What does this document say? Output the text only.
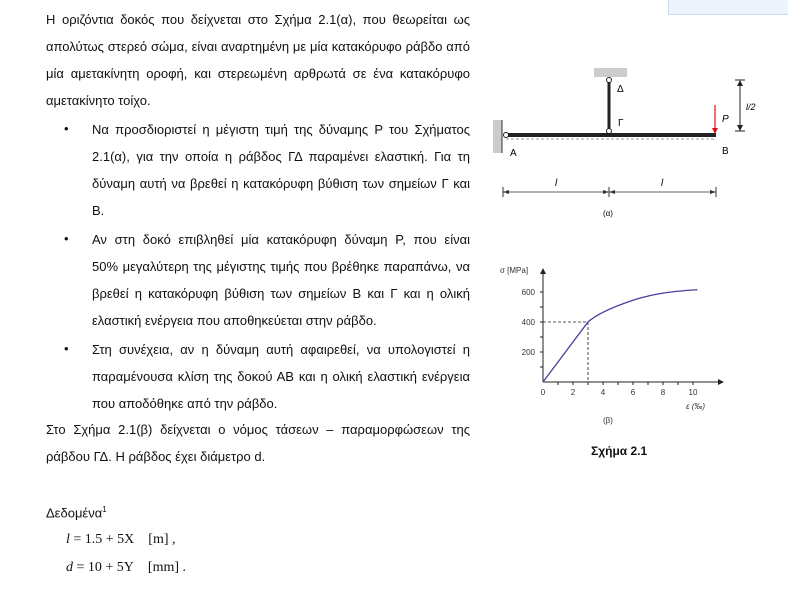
Η οριζόντια δοκός που δείχνεται στο Σχήμα 2.1(α), που θεωρείται ως
απολύτως στερεό σώμα, είναι αναρτημένη με μία κατακόρυφο ράβδο από
μία αμετακίνητη οροφή, και στερεωμένη αρθρωτά σε ένα κατακόρυφο
αμετακίνητο τοίχο.
• Να προσδιοριστεί η μέγιστη τιμή της δύναμης P του Σχήματος
2.1(α), για την οποία η ράβδος ΓΔ παραμένει ελαστική. Για τη
δύναμη αυτή να βρεθεί η κατακόρυφη βύθιση των σημείων Γ και
Β.
• Αν στη δοκό επιβληθεί μία κατακόρυφη δύναμη P, που είναι
50% μεγαλύτερη της μέγιστης τιμής που βρέθηκε παραπάνω, να
βρεθεί η κατακόρυφη βύθιση των σημείων Β και Γ και η ολική
ελαστική ενέργεια που αποθηκεύεται στην ράβδο.
• Στη συνέχεια, αν η δύναμη αυτή αφαιρεθεί, να υπολογιστεί η
παραμένουσα κλίση της δοκού ΑΒ και η ολική ελαστική ενέργεια
που αποδόθηκε από την ράβδο.
Στο Σχήμα 2.1(β) δείχνεται ο νόμος τάσεων – παραμορφώσεων της
ράβδου ΓΔ. Η ράβδος έχει διάμετρο d.
Δεδομένα$^1$
l = 1.5 + 5X [m] ,
d = 10 + 5Y [mm] .
A	B
Γ
Δ
P
l/2
l	l
(α)
0	2	4	6	8	10
200
400
600
σ [MPa]
ε (‰)
(β)
Σχήμα 2.1
